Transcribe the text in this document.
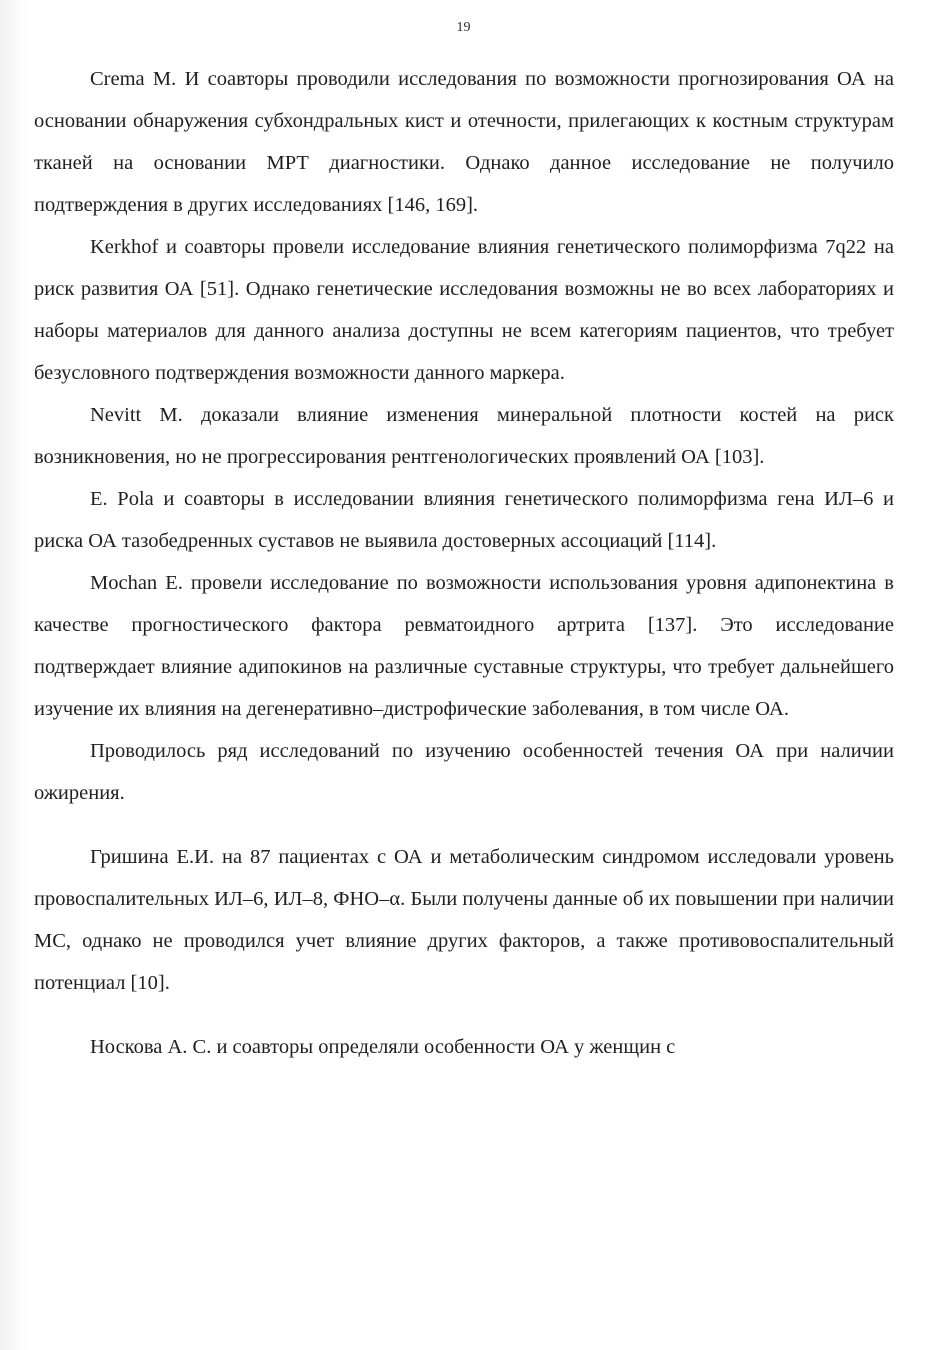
19

Crema M. И соавторы проводили исследования по возможности прогнозирования ОА на основании обнаружения субхондральных кист и отечности, прилегающих к костным структурам тканей на основании МРТ диагностики. Однако данное исследование не получило подтверждения в других исследованиях [146, 169].

Kerkhof и соавторы провели исследование влияния генетического полиморфизма 7q22 на риск развития ОА [51]. Однако генетические исследования возможны не во всех лабораториях и наборы материалов для данного анализа доступны не всем категориям пациентов, что требует безусловного подтверждения возможности данного маркера.

Nevitt M. доказали влияние изменения минеральной плотности костей на риск возникновения, но не прогрессирования рентгенологических проявлений ОА [103].

E. Pola и соавторы в исследовании влияния генетического полиморфизма гена ИЛ–6 и риска ОА тазобедренных суставов не выявила достоверных ассоциаций [114].

Mochan E. провели исследование по возможности использования уровня адипонектина в качестве прогностического фактора ревматоидного артрита [137]. Это исследование подтверждает влияние адипокинов на различные суставные структуры, что требует дальнейшего изучение их влияния на дегенеративно–дистрофические заболевания, в том числе ОА.

Проводилось ряд исследований по изучению особенностей течения ОА при наличии ожирения.

Гришина Е.И. на 87 пациентах с ОА и метаболическим синдромом исследовали уровень провоспалительных ИЛ–6, ИЛ–8, ФНО–α. Были получены данные об их повышении при наличии МС, однако не проводился учет влияние других факторов, а также противовоспалительный потенциал [10].

Носкова А. С. и соавторы определяли особенности ОА у женщин с
